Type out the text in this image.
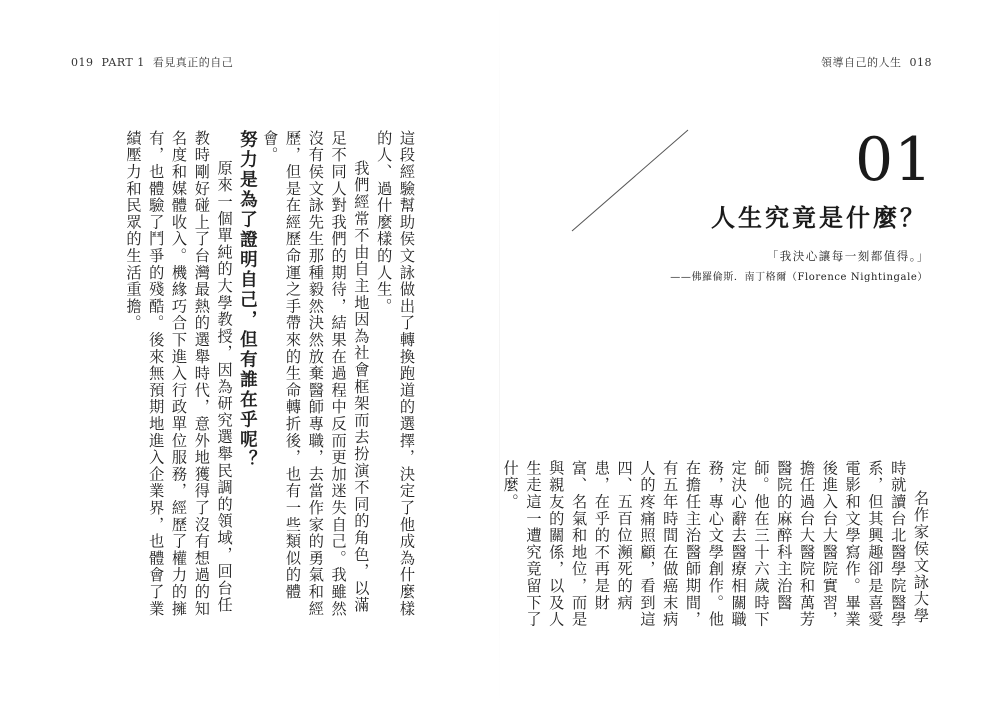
019 PART 1 看見真正的自己

這段經驗幫助侯文詠做出了轉換跑道的選擇，決定了他成為什麼樣的人、過什麼樣的人生。

我們經常不由自主地因為社會框架而去扮演不同的角色，以滿足不同人對我們的期待，結果在過程中反而更加迷失自己。我雖然沒有侯文詠先生那種毅然決然放棄醫師專職，去當作家的勇氣和經歷，但是在經歷命運之手帶來的生命轉折後，也有一些類似的體會。

努力是為了證明自己，但有誰在乎呢？

原來一個單純的大學教授，因為研究選舉民調的領域，回台任教時剛好碰上了台灣最熱的選舉時代，意外地獲得了沒有想過的知名度和媒體收入。機緣巧合下進入行政單位服務，經歷了權力的擁有，也體驗了鬥爭的殘酷。後來無預期地進入企業界，也體會了業績壓力和民眾的生活重擔。

領導自己的人生 018
01
人生究竟是什麼？
「我決心讓每一刻都值得。」
——佛羅倫斯．南丁格爾（Florence Nightingale）

名作家侯文詠大學時就讀台北醫學院醫學系，但其興趣卻是喜愛電影和文學寫作。畢業後進入台大醫院實習，擔任過台大醫院和萬芳醫院的麻醉科主治醫師。他在三十六歲時下定決心辭去醫療相關職務，專心文學創作。他在擔任主治醫師期間，有五年時間在做癌末病人的疼痛照顧，看到這四、五百位瀕死的病患，在乎的不再是財富、名氣和地位，而是與親友的關係，以及人生走這一遭究竟留下了什麼。
